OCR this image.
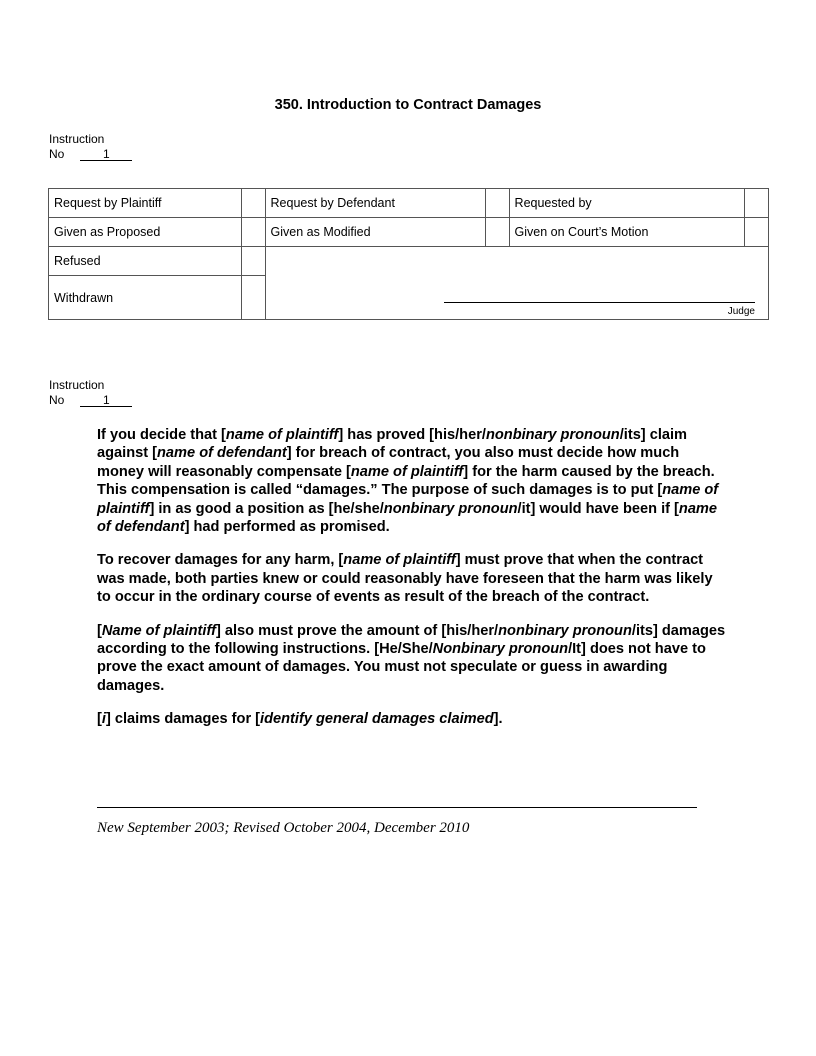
350. Introduction to Contract Damages
Instruction
No	1
Request by Plaintiff		Request by Defendant		Requested by	
Given as Proposed		Given as Modified		Given on Court’s Motion	
Refused		Judge			

Withdrawn					
Instruction
No	1

If you decide that [name of plaintiff] has proved [his/her/nonbinary pronoun/its] claim against [name of defendant] for breach of contract, you also must decide how much money will reasonably compensate [name of plaintiff] for the harm caused by the breach. This compensation is called “damages.” The purpose of such damages is to put [name of plaintiff] in as good a position as [he/she/nonbinary pronoun/it] would have been if [name of defendant] had performed as promised.

To recover damages for any harm, [name of plaintiff] must prove that when the contract was made, both parties knew or could reasonably have foreseen that the harm was likely to occur in the ordinary course of events as result of the breach of the contract.

[Name of plaintiff] also must prove the amount of [his/her/nonbinary pronoun/its] damages according to the following instructions. [He/She/Nonbinary pronoun/It] does not have to prove the exact amount of damages. You must not speculate or guess in awarding damages.

[i] claims damages for [identify general damages claimed].

New September 2003; Revised October 2004, December 2010
